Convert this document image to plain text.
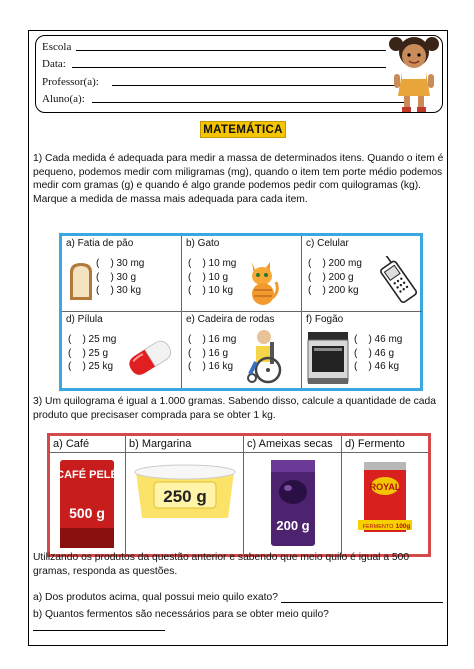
Escola
Data:
Professor(a):
Aluno(a):
MATEMÁTICA
1) Cada medida é adequada para medir a massa de determinados itens. Quando o item é pequeno, podemos medir com miligramas (mg), quando o item tem porte médio podemos medir com gramas (g) e quando é algo grande podemos pedir com quilogramas (kg). Marque a medida de massa mais adequada para cada item.
a) Fatia de pão
(    ) 30 mg
(    ) 30 g
(    ) 30 kg
b) Gato
(    ) 10 mg
(    ) 10 g
(    ) 10 kg
c) Celular
(    ) 200 mg
(    ) 200 g
(    ) 200 kg
d) Pílula
(    ) 25 mg
(    ) 25 g
(    ) 25 kg
e) Cadeira de rodas
(    ) 16 mg
(    ) 16 g
(    ) 16 kg
f) Fogão
(    ) 46 mg
(    ) 46 g
(    ) 46 kg
3) Um quilograma é igual a 1.000 gramas. Sabendo disso, calcule a quantidade de cada produto que precisaser comprada para se obter 1 kg.
a) Café
CAFÉ PELÉ
500 g
b) Margarina
250 g
c) Ameixas secas
200 g
d) Fermento
ROYAL
FERMENTO 100g
Utilizando os produtos da questão anterior e sabendo que meio quilo é igual a 500 gramas, responda as questões.
a) Dos produtos acima, qual possui meio quilo exato?
b) Quantos fermentos são necessários para se obter meio quilo?
